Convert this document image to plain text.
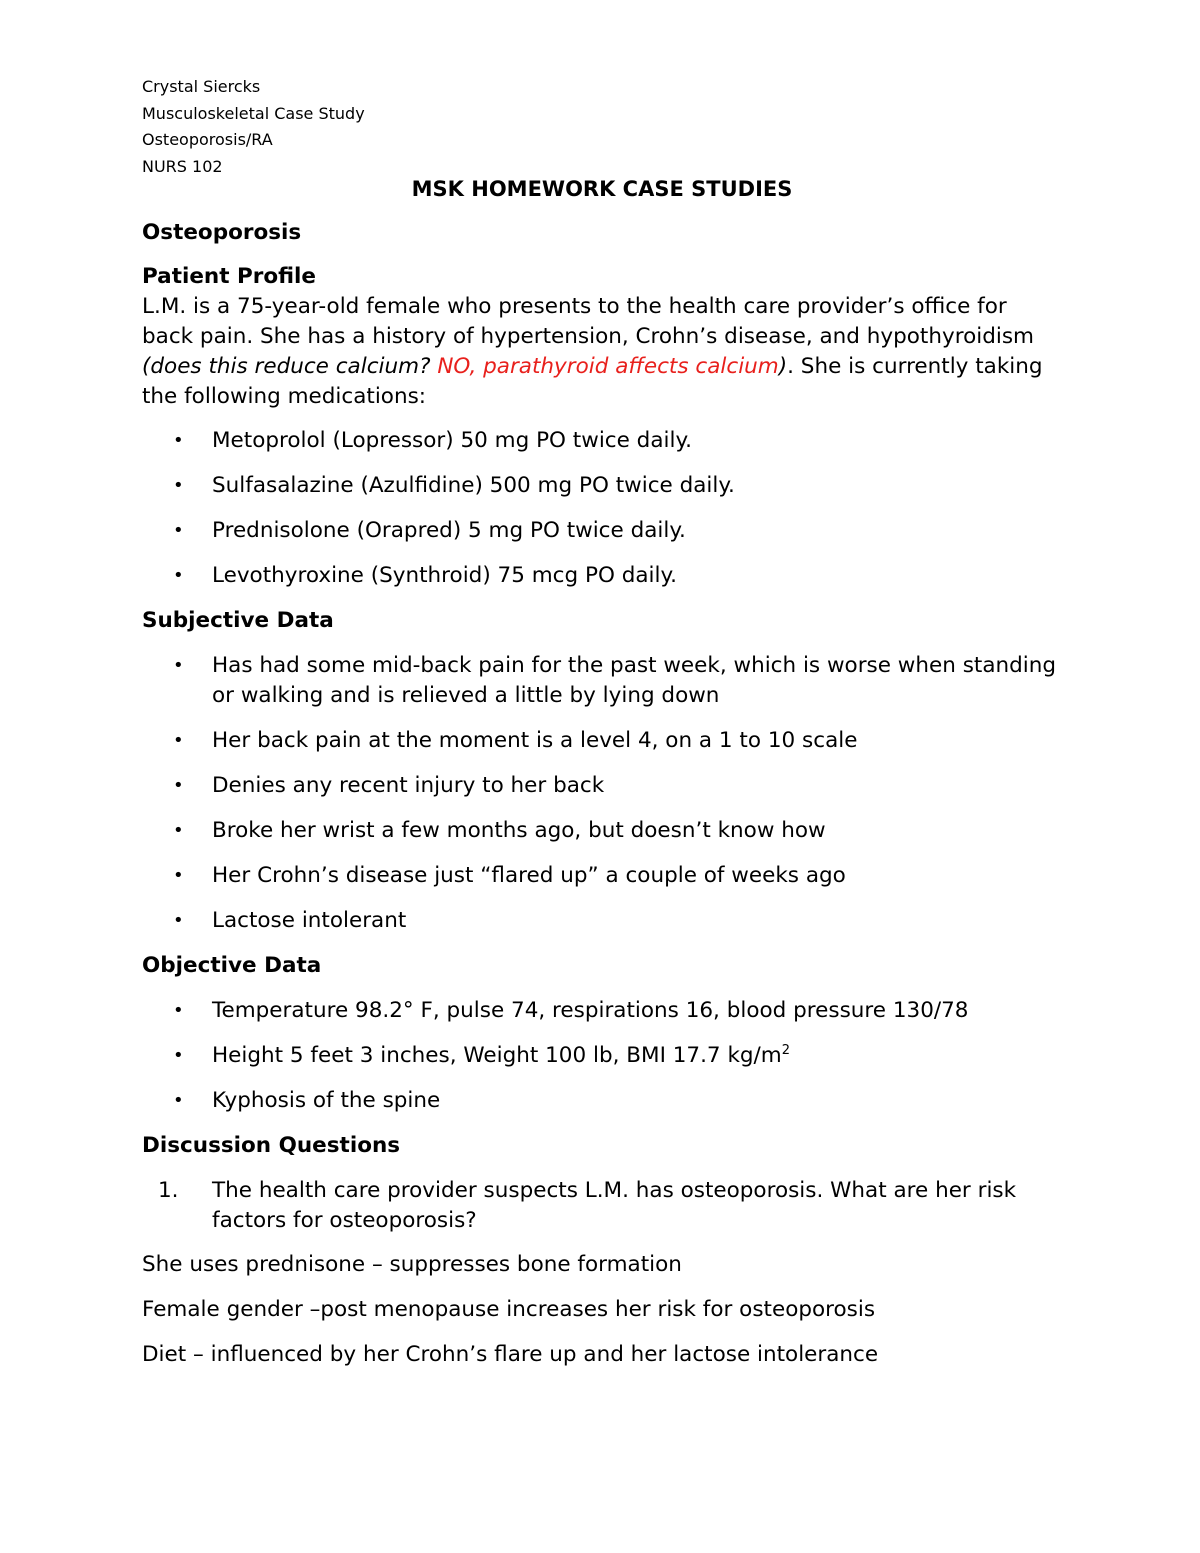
Crystal Siercks
Musculoskeletal Case Study
Osteoporosis/RA
NURS 102
MSK HOMEWORK CASE STUDIES
Osteoporosis
Patient Profile

L.M. is a 75-year-old female who presents to the health care provider’s office for back pain. She has a history of hypertension, Crohn’s disease, and hypothyroidism (does this reduce calcium? NO, parathyroid affects calcium). She is currently taking the following medications:

• Metoprolol (Lopressor) 50 mg PO twice daily.
• Sulfasalazine (Azulfidine) 500 mg PO twice daily.
• Prednisolone (Orapred) 5 mg PO twice daily.
• Levothyroxine (Synthroid) 75 mcg PO daily.
Subjective Data
• Has had some mid-back pain for the past week, which is worse when standing or walking and is relieved a little by lying down
• Her back pain at the moment is a level 4, on a 1 to 10 scale
• Denies any recent injury to her back
• Broke her wrist a few months ago, but doesn’t know how
• Her Crohn’s disease just “flared up” a couple of weeks ago
• Lactose intolerant
Objective Data
• Temperature 98.2° F, pulse 74, respirations 16, blood pressure 130/78
• Height 5 feet 3 inches, Weight 100 lb, BMI 17.7 $kg/m^2$
• Kyphosis of the spine
Discussion Questions
1. The health care provider suspects L.M. has osteoporosis. What are her risk factors for osteoporosis?

She uses prednisone – suppresses bone formation

Female gender –post menopause increases her risk for osteoporosis

Diet – influenced by her Crohn’s flare up and her lactose intolerance
